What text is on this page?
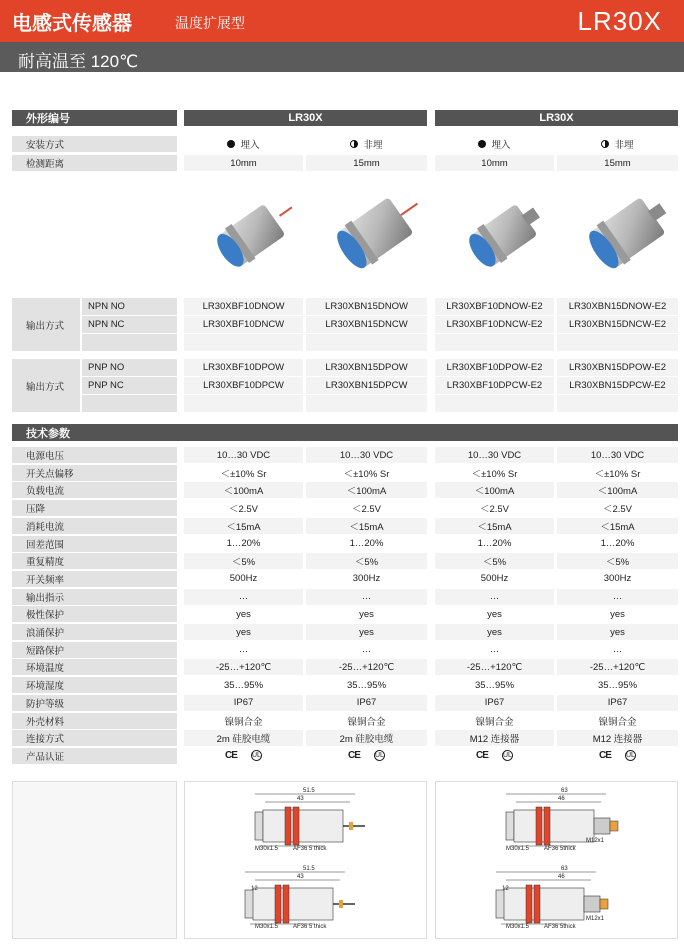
电感式传感器	温度扩展型	LR30X
耐高温至 120℃
外形编号	LR30X	LR30X
安装方式	埋入	非埋	埋入	非埋
检测距离	10mm	15mm	10mm	15mm
输出方式
NPN NO	LR30XBF10DNOW	LR30XBN15DNOW	LR30XBF10DNOW-E2	LR30XBN15DNOW-E2
NPN NC	LR30XBF10DNCW	LR30XBN15DNCW	LR30XBF10DNCW-E2	LR30XBN15DNCW-E2
输出方式
PNP NO	LR30XBF10DPOW	LR30XBN15DPOW	LR30XBF10DPOW-E2	LR30XBN15DPOW-E2
PNP NC	LR30XBF10DPCW	LR30XBN15DPCW	LR30XBF10DPCW-E2	LR30XBN15DPCW-E2
技术参数
电源电压	10…30 VDC	10…30 VDC	10…30 VDC	10…30 VDC
开关点偏移	＜±10% Sr	＜±10% Sr	＜±10% Sr	＜±10% Sr
负载电流	＜100mA	＜100mA	＜100mA	＜100mA
压降	＜2.5V	＜2.5V	＜2.5V	＜2.5V
消耗电流	＜15mA	＜15mA	＜15mA	＜15mA
回差范围	1…20%	1…20%	1…20%	1…20%
重复精度	＜5%	＜5%	＜5%	＜5%
开关频率	500Hz	300Hz	500Hz	300Hz
输出指示	…	…	…	…
极性保护	yes	yes	yes	yes
浪涌保护	yes	yes	yes	yes
短路保护	…	…	…	…
环境温度	-25…+120℃	-25…+120℃	-25…+120℃	-25…+120℃
环境湿度	35…95%	35…95%	35…95%	35…95%
防护等级	IP67	IP67	IP67	IP67
外壳材料	镍铜合金	镍铜合金	镍铜合金	镍铜合金
连接方式	2m 硅胶电缆	2m 硅胶电缆	M12 连接器	M12 连接器
产品认证	CE UL	CE UL	CE UL	CE UL
51.5
43
M30x1.5 AF36 5 thick
51.5
43
12
M30x1.5 AF36 5 thick
63
46
M30x1.5 AF36 5thick
63
46
12
M30x1.5 AF36 5thick
M12x1
M12x1
